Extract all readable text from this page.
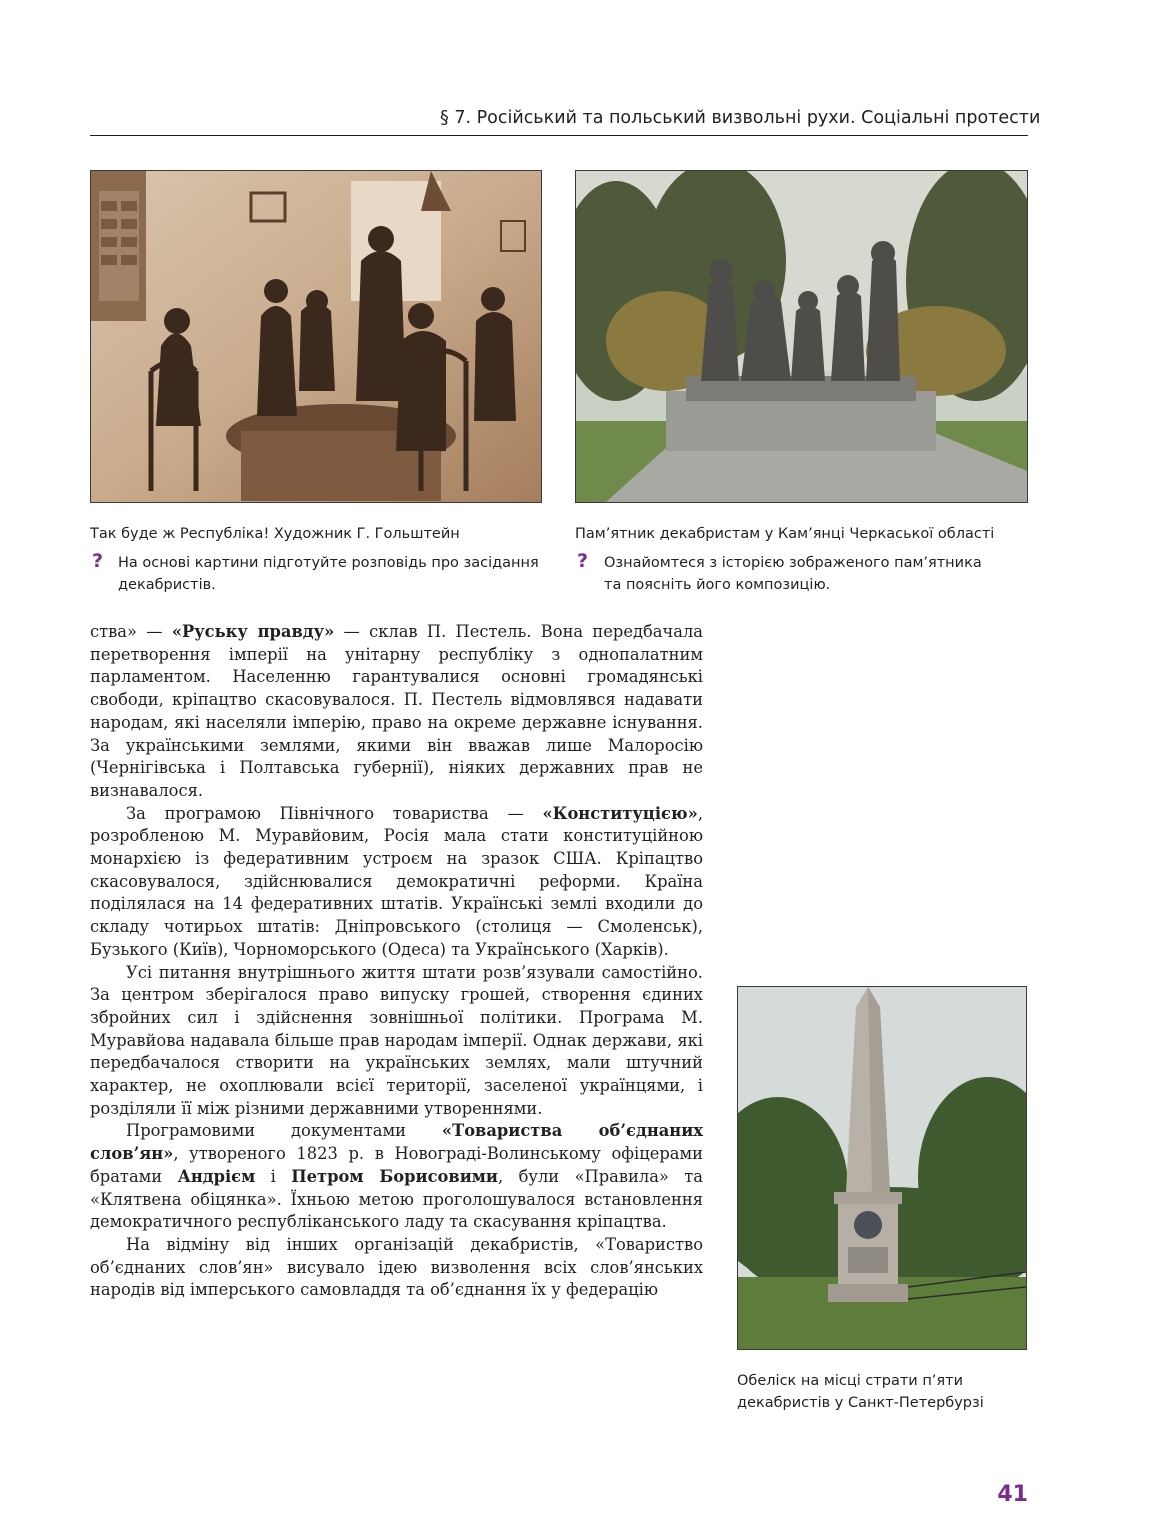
§ 7. Російський та польський визвольні рухи. Соціальні протести
Так буде ж Республіка! Художник Г. Гольштейн
? На основі картини підготуйте розповідь про засідання декабристів.
Пам’ятник декабристам у Кам’янці Черкаської області
? Ознайомтеся з історією зображеного пам’ятника та поясніть його композицію.

ства» — «Руську правду» — склав П. Пестель. Вона передбачала перетворення імперії на унітарну республіку з однопалатним парламентом. Населенню гарантувалися основні громадянські свободи, кріпацтво скасовувалося. П. Пестель відмовлявся надавати народам, які населяли імперію, право на окреме державне існування. За українськими землями, якими він вважав лише Малоросію (Чернігівська і Полтавська губернії), ніяких державних прав не визнавалося.

За програмою Північного товариства — «Конституцією», розробленою М. Муравйовим, Росія мала стати конституційною монархією із федеративним устроєм на зразок США. Кріпацтво скасовувалося, здійснювалися демократичні реформи. Країна поділялася на 14 федеративних штатів. Українські землі входили до складу чотирьох штатів: Дніпровського (столиця — Смоленськ), Бузького (Київ), Чорноморського (Одеса) та Українського (Харків).

Усі питання внутрішнього життя штати розв’язували самостійно. За центром зберігалося право випуску грошей, створення єдиних збройних сил і здійснення зовнішньої політики. Програма М. Муравйова надавала більше прав народам імперії. Однак держави, які передбачалося створити на українських землях, мали штучний характер, не охоплювали всієї території, заселеної українцями, і розділяли її між різними державними утвореннями.

Програмовими документами «Товариства об’єднаних слов’ян», утвореного 1823 р. в Новограді-Волинському офіцерами братами Андрієм і Петром Борисовими, були «Правила» та «Клятвена обіцянка». Їхньою метою проголошувалося встановлення демократичного республіканського ладу та скасування кріпацтва.

На відміну від інших організацій декабристів, «Товариство об’єднаних слов’ян» висувало ідею визволення всіх слов’янських народів від імперського самовладдя та об’єднання їх у федерацію

Обеліск на місці страти п’яти
декабристів у Санкт-Петербурзі
41
